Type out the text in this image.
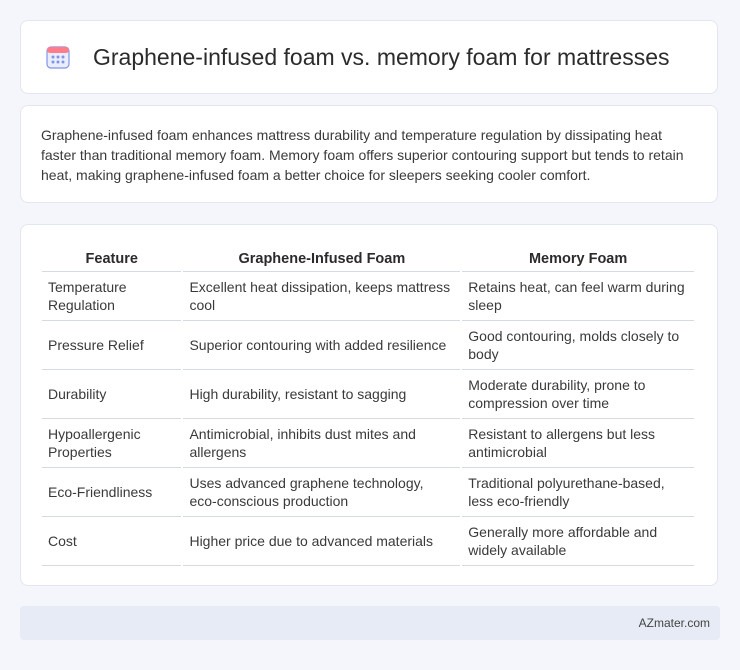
Graphene-infused foam vs. memory foam for mattresses

Graphene-infused foam enhances mattress durability and temperature regulation by dissipating heat faster than traditional memory foam. Memory foam offers superior contouring support but tends to retain heat, making graphene-infused foam a better choice for sleepers seeking cooler comfort.

Feature	Graphene-Infused Foam	Memory Foam
Temperature Regulation	Excellent heat dissipation, keeps mattress cool	Retains heat, can feel warm during sleep
Pressure Relief	Superior contouring with added resilience	Good contouring, molds closely to body
Durability	High durability, resistant to sagging	Moderate durability, prone to compression over time
Hypoallergenic Properties	Antimicrobial, inhibits dust mites and allergens	Resistant to allergens but less antimicrobial
Eco-Friendliness	Uses advanced graphene technology, eco-conscious production	Traditional polyurethane-based, less eco-friendly
Cost	Higher price due to advanced materials	Generally more affordable and widely available
AZmater.com
